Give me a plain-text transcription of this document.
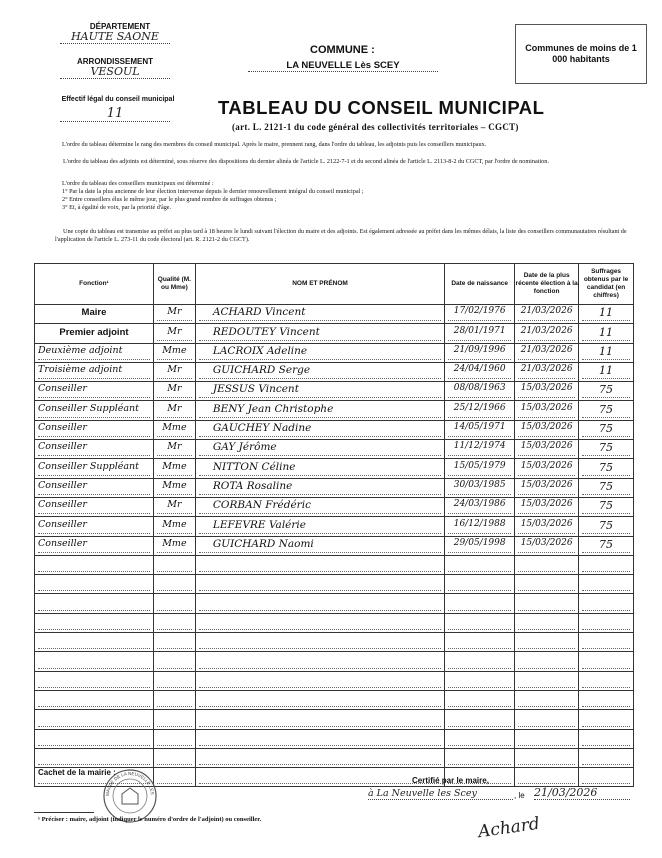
DÉPARTEMENT
HAUTE SAONE
ARRONDISSEMENT
VESOUL
Effectif légal du conseil municipal
11
COMMUNE :
LA NEUVELLE Lès SCEY
Communes de moins de 1 000 habitants
TABLEAU DU CONSEIL MUNICIPAL
(art. L. 2121-1 du code général des collectivités territoriales – CGCT)
L'ordre du tableau détermine le rang des membres du conseil municipal. Après le maire, prennent rang, dans l'ordre du tableau, les adjoints puis les conseillers municipaux.
L'ordre du tableau des adjoints est déterminé, sous réserve des dispositions du dernier alinéa de l'article L. 2122-7-1 et du second alinéa de l'article L. 2113-8-2 du CGCT, par l'ordre de nomination.
L'ordre du tableau des conseillers municipaux est déterminé :
1° Par la date la plus ancienne de leur élection intervenue depuis le dernier renouvellement intégral du conseil municipal ;
2° Entre conseillers élus le même jour, par le plus grand nombre de suffrages obtenus ;
3° Et, à égalité de voix, par la priorité d'âge.
Une copie du tableau est transmise au préfet au plus tard à 18 heures le lundi suivant l'élection du maire et des adjoints. Est également adressée au préfet dans les mêmes délais, la liste des conseillers communautaires résultant de l'application de l'article L. 273-11 du code électoral (art. R. 2121-2 du CGCT).
Fonction¹	Qualité (M. ou Mme)	NOM ET PRÉNOM	Date de naissance	Date de la plus récente élection à la fonction	Suffrages obtenus par le candidat (en chiffres)

Maire	Mr	ACHARD Vincent	17/02/1976	21/03/2026	11

Premier adjoint	Mr	REDOUTEY Vincent	28/01/1971	21/03/2026	11

Deuxième adjoint	Mme	LACROIX Adeline	21/09/1996	21/03/2026	11

Troisième adjoint	Mr	GUICHARD Serge	24/04/1960	21/03/2026	11

Conseiller	Mr	JESSUS Vincent	08/08/1963	15/03/2026	75

Conseiller Suppléant	Mr	BENY Jean Christophe	25/12/1966	15/03/2026	75

Conseiller	Mme	GAUCHEY Nadine	14/05/1971	15/03/2026	75

Conseiller	Mr	GAY Jérôme	11/12/1974	15/03/2026	75

Conseiller Suppléant	Mme	NITTON Céline	15/05/1979	15/03/2026	75

Conseiller	Mme	ROTA Rosaline	30/03/1985	15/03/2026	75

Conseiller	Mr	CORBAN Frédéric	24/03/1986	15/03/2026	75

Conseiller	Mme	LEFEVRE Valérie	16/12/1988	15/03/2026	75

Conseiller	Mme	GUICHARD Naomi	29/05/1998	15/03/2026	75

Cachet de la mairie :
MAIRIE DE LA NEUVELLE LES
Certifié par le maire,
à La Neuvelle les Scey	, le 21/03/2026
Achard
¹ Préciser : maire, adjoint (indiquer le numéro d'ordre de l'adjoint) ou conseiller.
